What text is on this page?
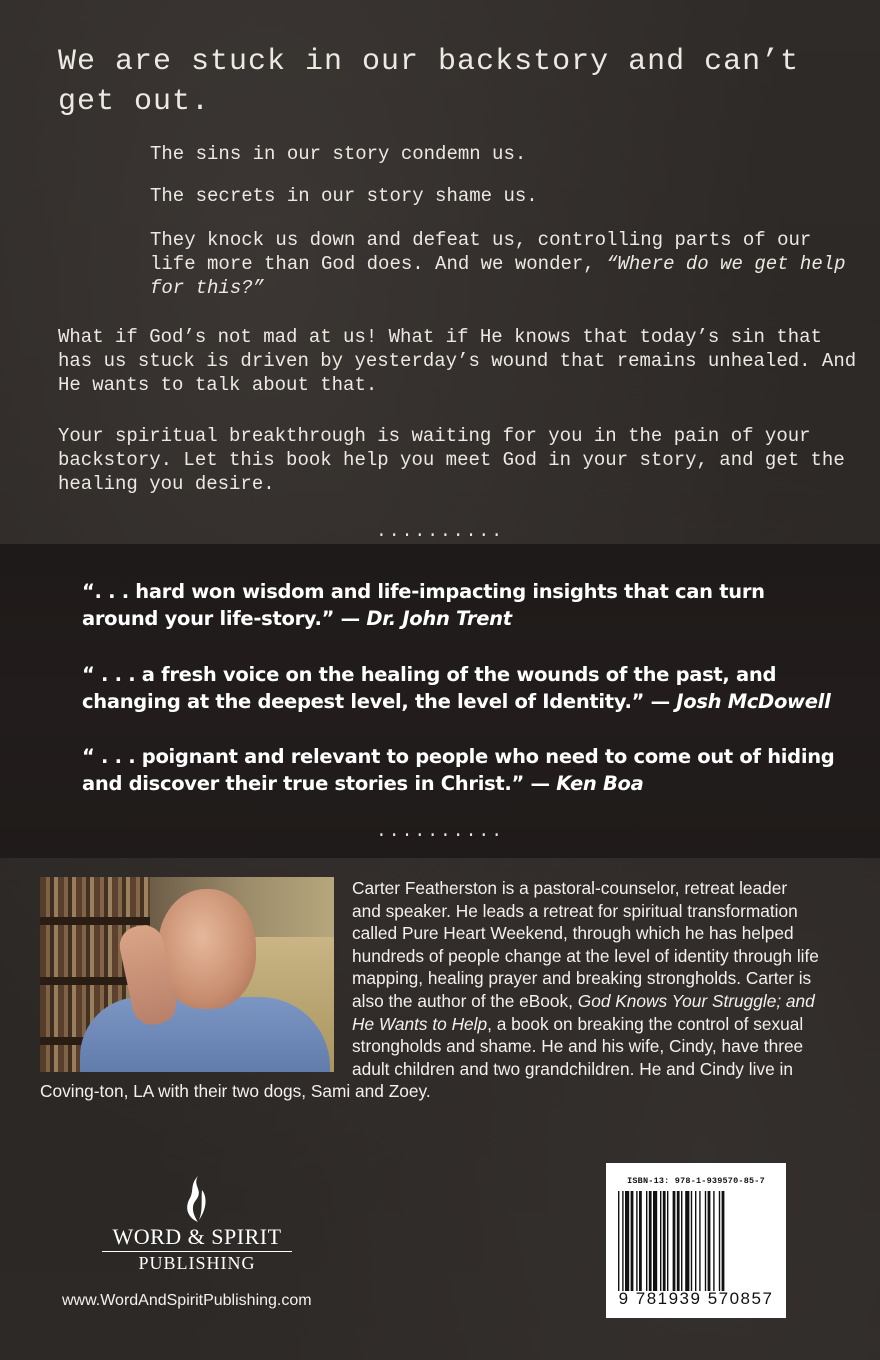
We are stuck in our backstory and can’t get out.

The sins in our story condemn us.

The secrets in our story shame us.

They knock us down and defeat us, controlling parts of our life more than God does. And we wonder, “Where do we get help for this?”

What if God’s not mad at us! What if He knows that today’s sin that has us stuck is driven by yesterday’s wound that remains unhealed. And He wants to talk about that.

Your spiritual breakthrough is waiting for you in the pain of your backstory. Let this book help you meet God in your story, and get the healing you desire.

..........

“. . . hard won wisdom and life-impacting insights that can turn around your life-story.” — Dr. John Trent

“ . . . a fresh voice on the healing of the wounds of the past, and changing at the deepest level, the level of Identity.” — Josh McDowell

“ . . . poignant and relevant to people who need to come out of hiding and discover their true stories in Christ.” — Ken Boa

..........

Carter Featherston is a pastoral-counselor, retreat leader and speaker. He leads a retreat for spiritual transformation called Pure Heart Weekend, through which he has helped hundreds of people change at the level of identity through life mapping, healing prayer and breaking strongholds. Carter is also the author of the eBook, God Knows Your Struggle; and He Wants to Help, a book on breaking the control of sexual strongholds and shame. He and his wife, Cindy, have three adult children and two grandchildren. He and Cindy live in Coving-ton, LA with their two dogs, Sami and Zoey.

WORD & SPIRIT
PUBLISHING
www.WordAndSpiritPublishing.com
ISBN-13: 978-1-939570-85-7
9 781939 570857
